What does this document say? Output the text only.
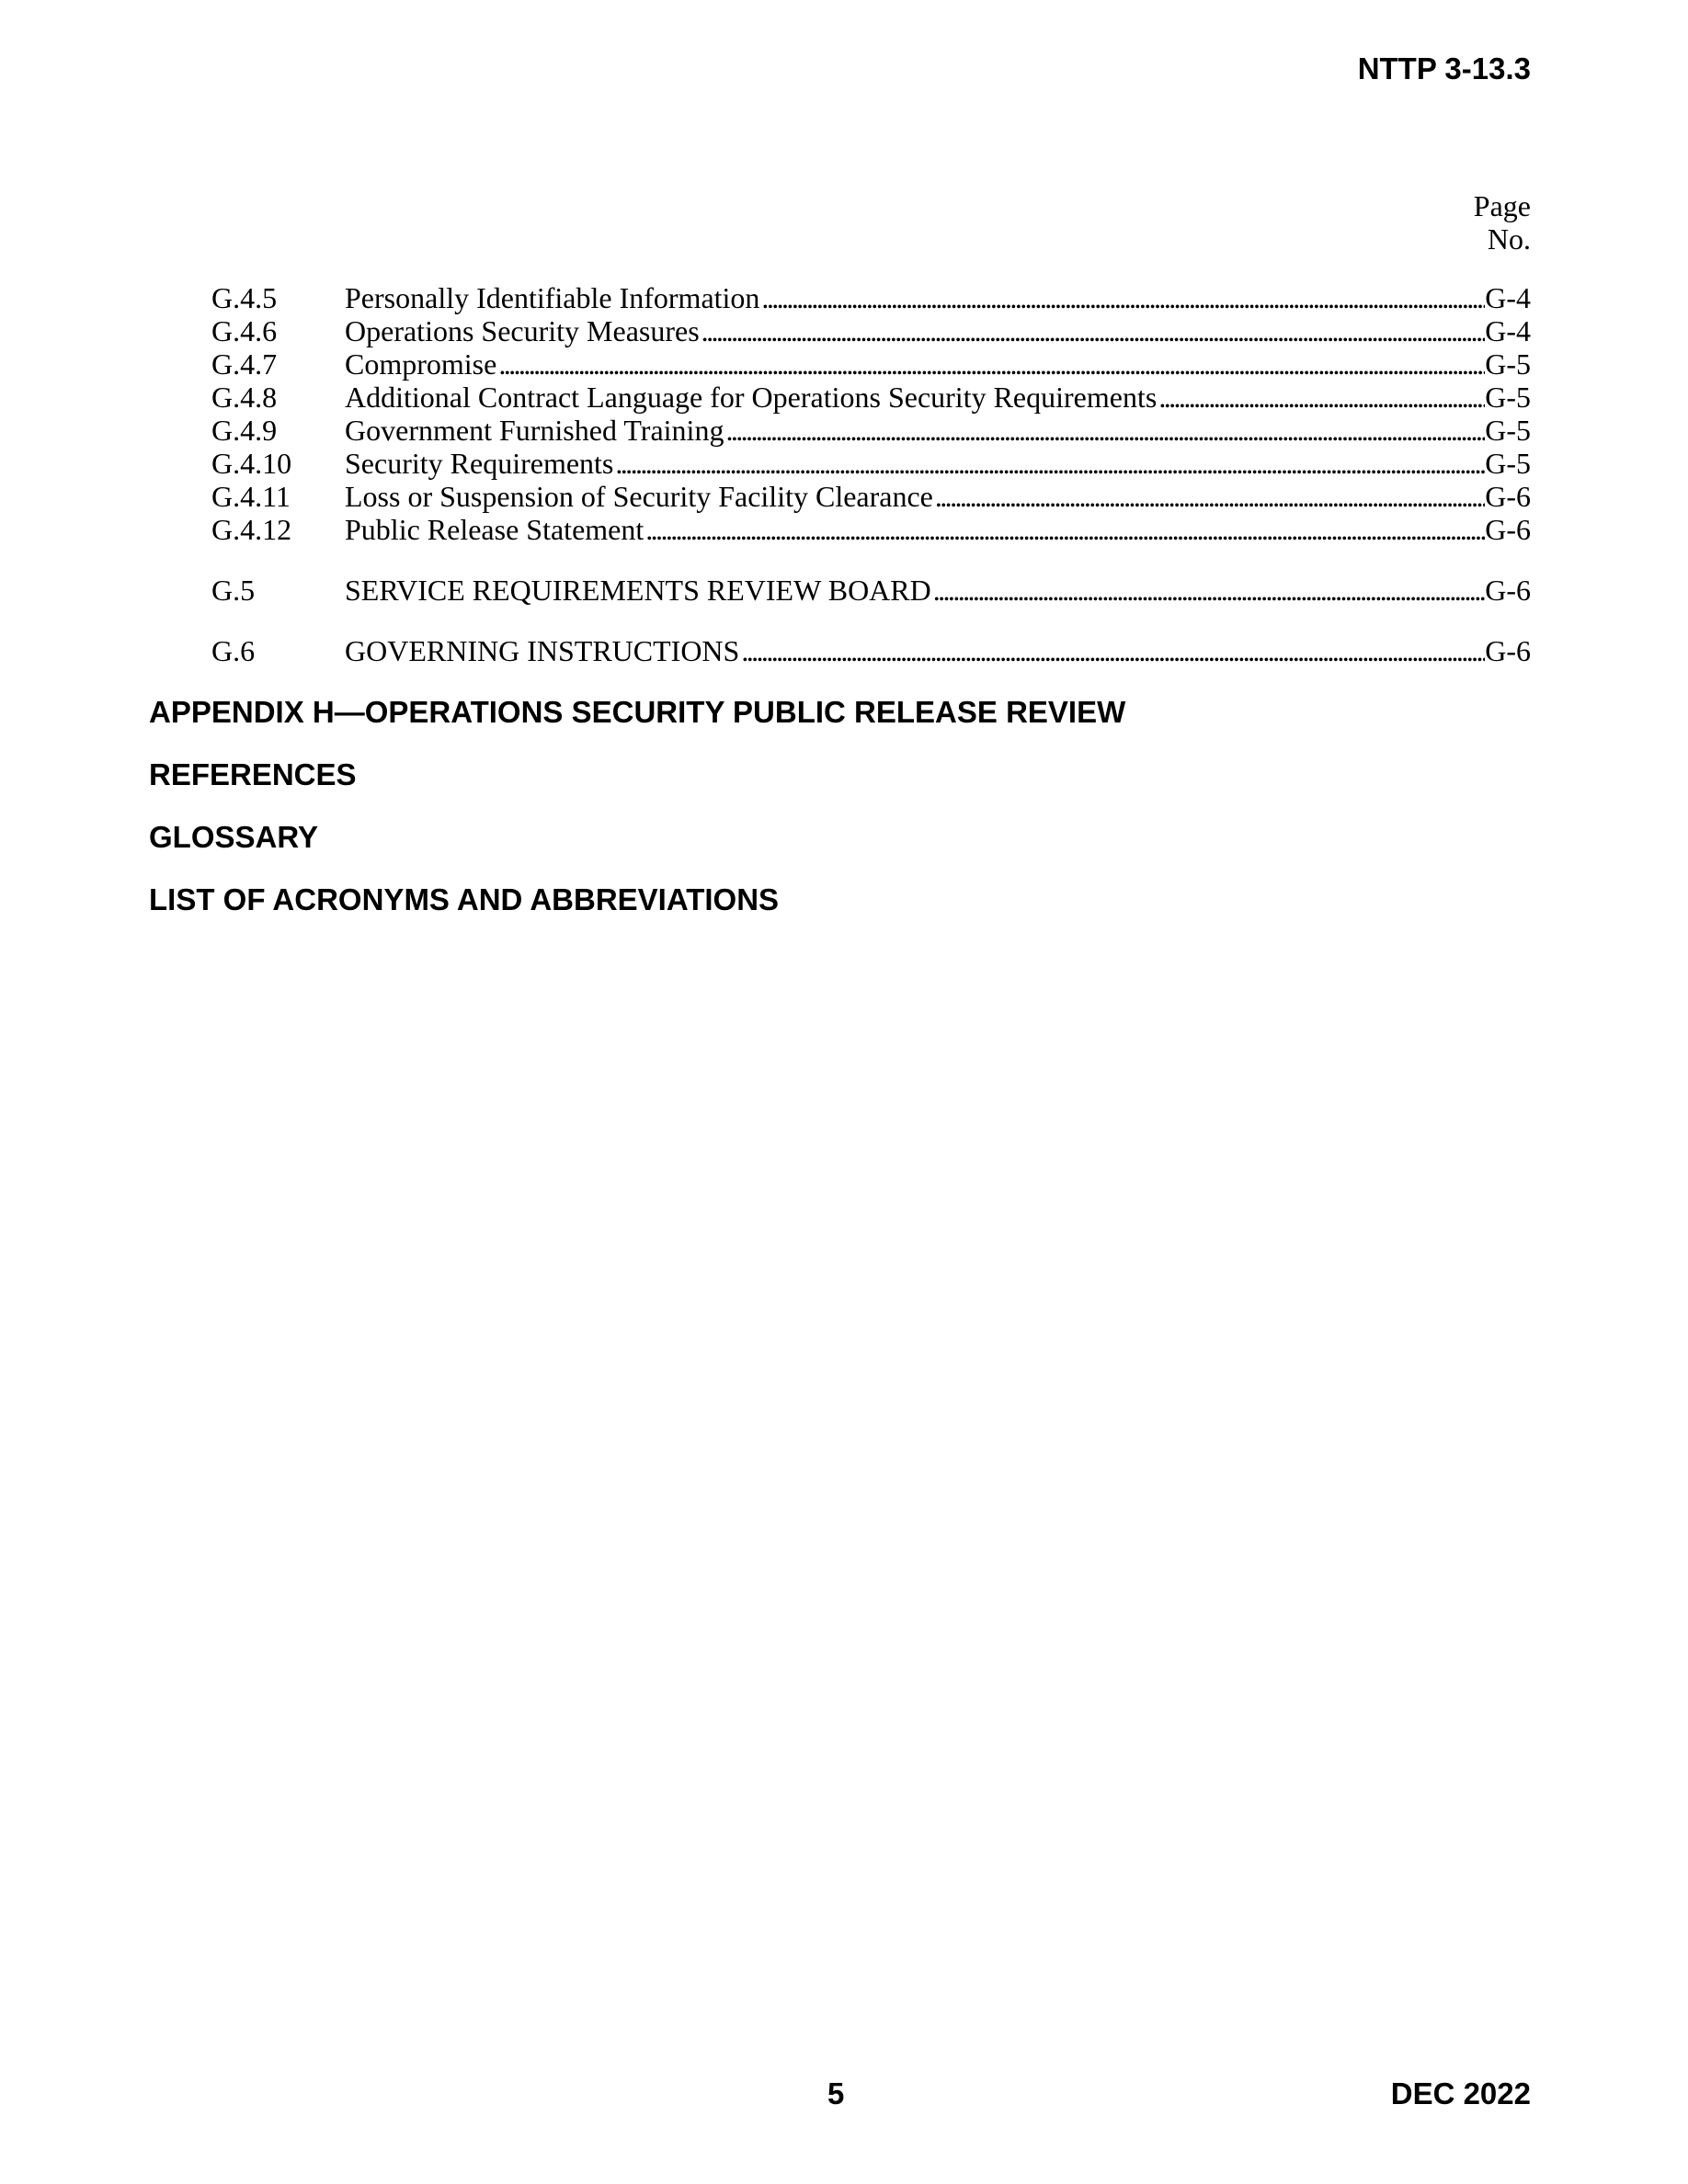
NTTP 3-13.3
Page
No.
G.4.5	Personally Identifiable Information . . .	G-4
G.4.6	Operations Security Measures . . .	G-4
G.4.7	Compromise . . .	G-5
G.4.8	Additional Contract Language for Operations Security Requirements . . .	G-5
G.4.9	Government Furnished Training . . .	G-5
G.4.10	Security Requirements . . .	G-5
G.4.11	Loss or Suspension of Security Facility Clearance . . .	G-6
G.4.12	Public Release Statement . . .	G-6
G.5	SERVICE REQUIREMENTS REVIEW BOARD . . .	G-6
G.6	GOVERNING INSTRUCTIONS . . .	G-6
APPENDIX H—OPERATIONS SECURITY PUBLIC RELEASE REVIEW
REFERENCES
GLOSSARY
LIST OF ACRONYMS AND ABBREVIATIONS
5	DEC 2022
